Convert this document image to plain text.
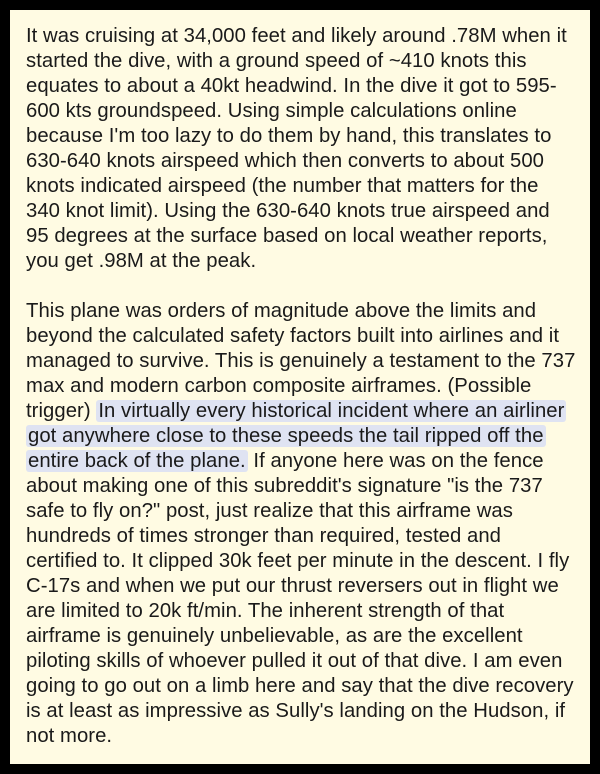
It was cruising at 34,000 feet and likely around .78M when it started the dive, with a ground speed of ~410 knots this equates to about a 40kt headwind. In the dive it got to 595-600 kts groundspeed. Using simple calculations online because I'm too lazy to do them by hand, this translates to 630-640 knots airspeed which then converts to about 500 knots indicated airspeed (the number that matters for the 340 knot limit). Using the 630-640 knots true airspeed and 95 degrees at the surface based on local weather reports, you get .98M at the peak.

This plane was orders of magnitude above the limits and beyond the calculated safety factors built into airlines and it managed to survive. This is genuinely a testament to the 737 max and modern carbon composite airframes. (Possible trigger) In virtually every historical incident where an airliner got anywhere close to these speeds the tail ripped off the entire back of the plane. If anyone here was on the fence about making one of this subreddit's signature "is the 737 safe to fly on?" post, just realize that this airframe was hundreds of times stronger than required, tested and certified to. It clipped 30k feet per minute in the descent. I fly C-17s and when we put our thrust reversers out in flight we are limited to 20k ft/min. The inherent strength of that airframe is genuinely unbelievable, as are the excellent piloting skills of whoever pulled it out of that dive. I am even going to go out on a limb here and say that the dive recovery is at least as impressive as Sully's landing on the Hudson, if not more.
